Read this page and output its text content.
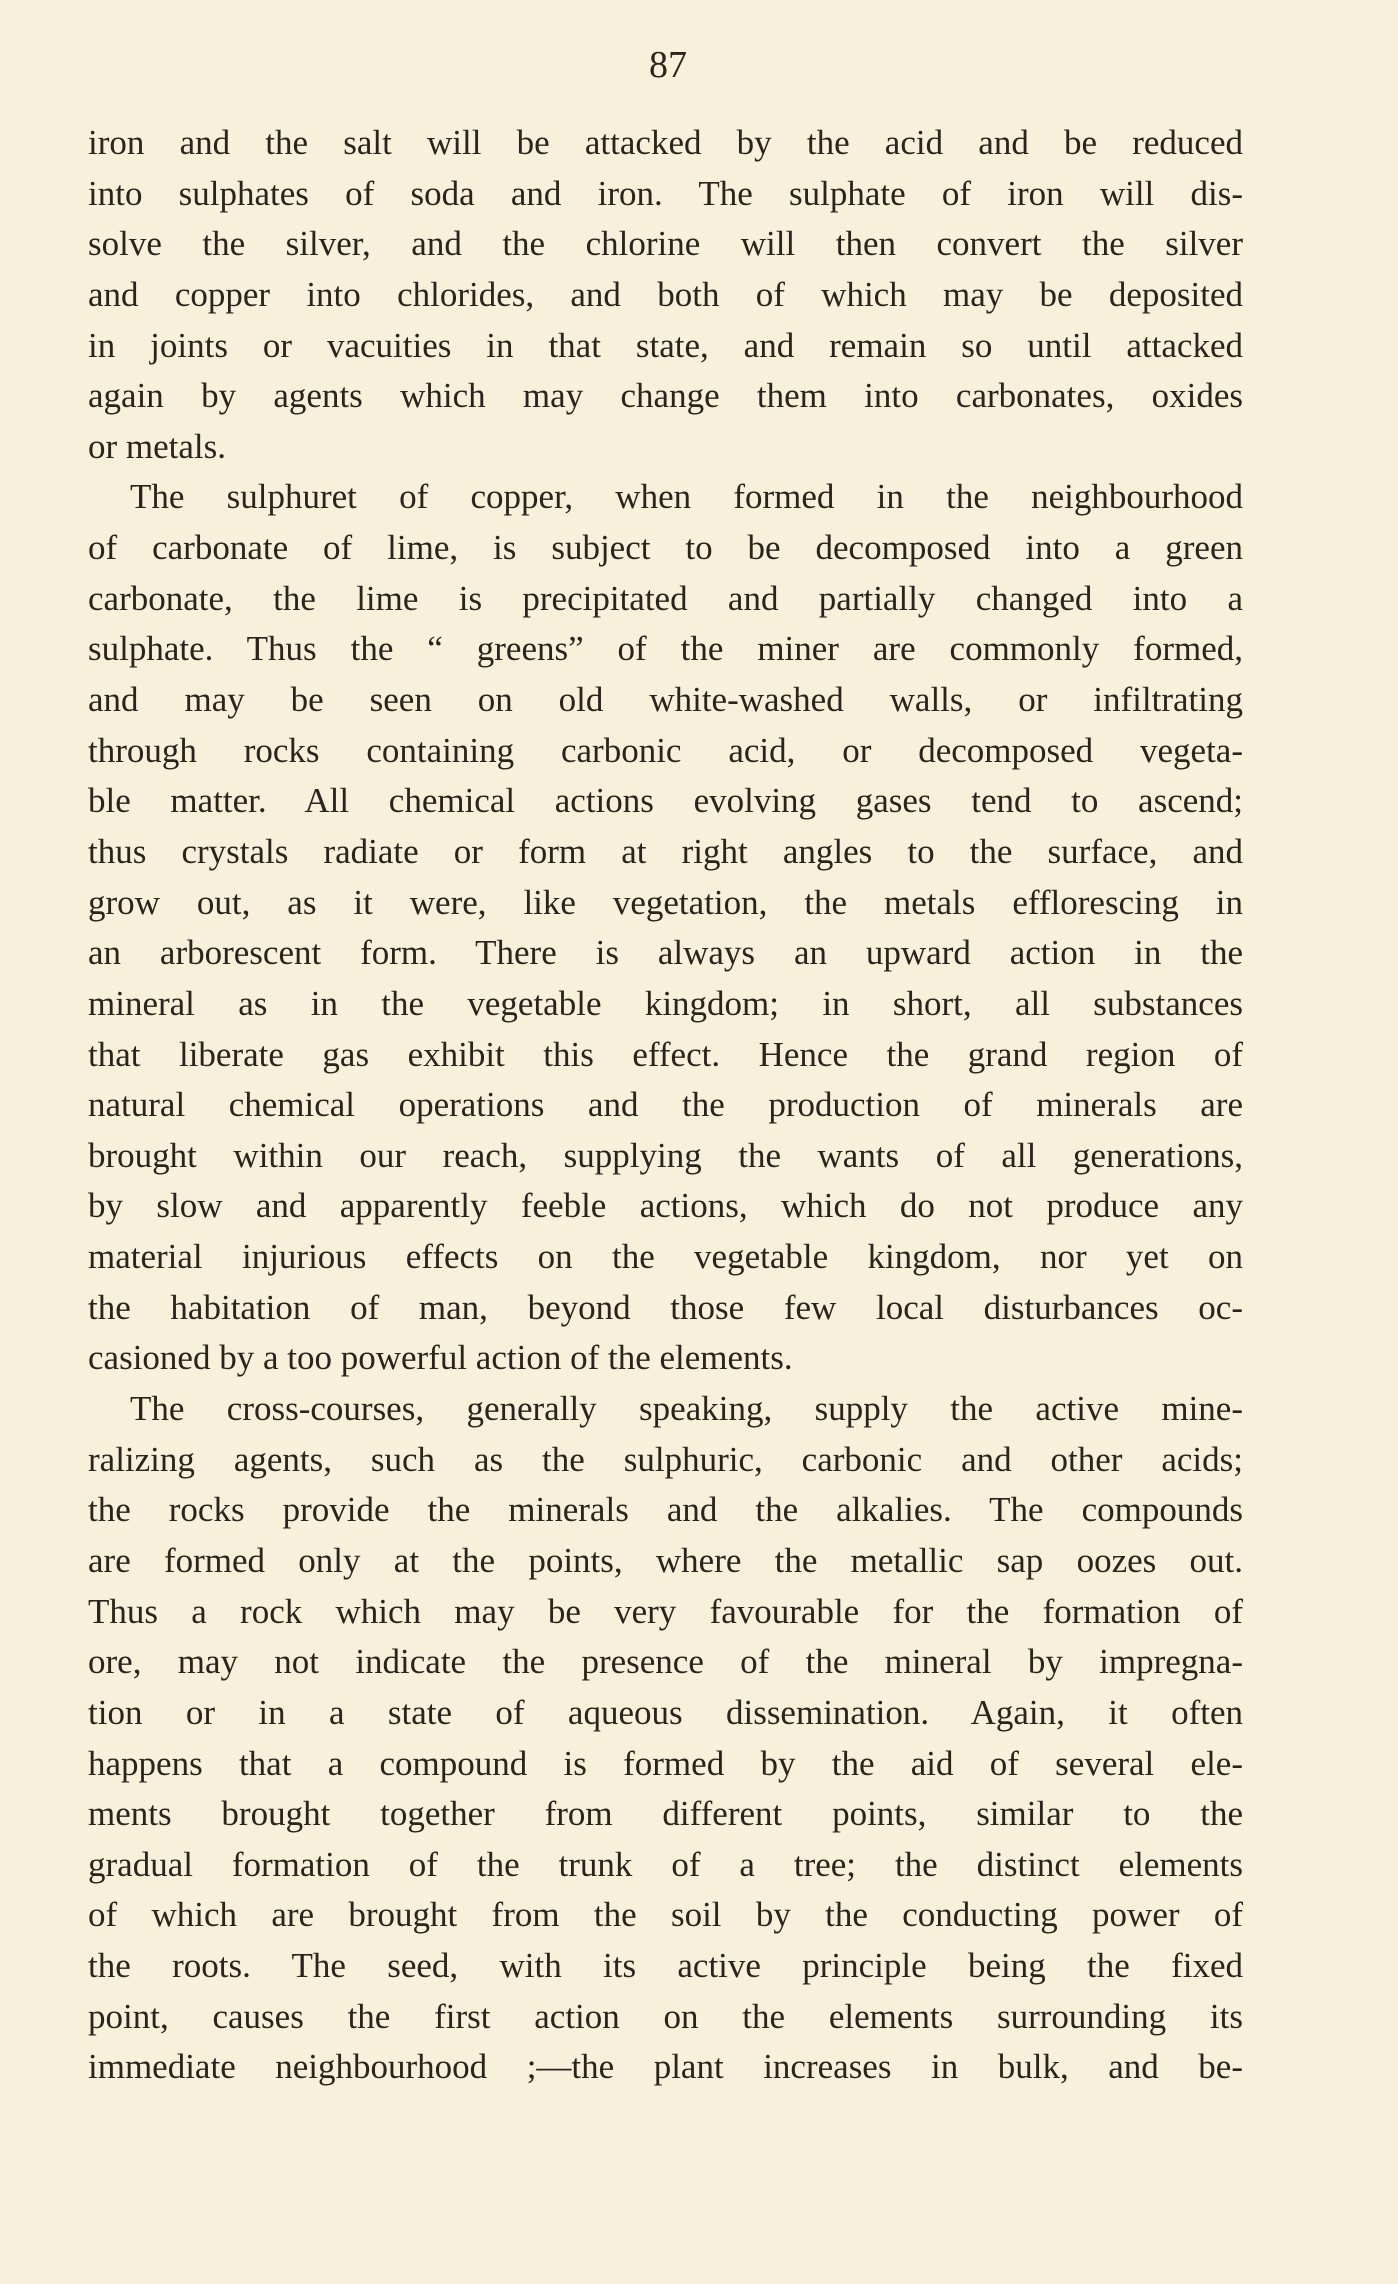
87
iron and the salt will be attacked by the acid and be reduced
into sulphates of soda and iron. The sulphate of iron will dis-
solve the silver, and the chlorine will then convert the silver
and copper into chlorides, and both of which may be deposited
in joints or vacuities in that state, and remain so until attacked
again by agents which may change them into carbonates, oxides
or metals.
The sulphuret of copper, when formed in the neighbourhood
of carbonate of lime, is subject to be decomposed into a green
carbonate, the lime is precipitated and partially changed into a
sulphate. Thus the “ greens” of the miner are commonly formed,
and may be seen on old white-washed walls, or infiltrating
through rocks containing carbonic acid, or decomposed vegeta-
ble matter. All chemical actions evolving gases tend to ascend;
thus crystals radiate or form at right angles to the surface, and
grow out, as it were, like vegetation, the metals efflorescing in
an arborescent form. There is always an upward action in the
mineral as in the vegetable kingdom; in short, all substances
that liberate gas exhibit this effect. Hence the grand region of
natural chemical operations and the production of minerals are
brought within our reach, supplying the wants of all generations,
by slow and apparently feeble actions, which do not produce any
material injurious effects on the vegetable kingdom, nor yet on
the habitation of man, beyond those few local disturbances oc-
casioned by a too powerful action of the elements.
The cross-courses, generally speaking, supply the active mine-
ralizing agents, such as the sulphuric, carbonic and other acids;
the rocks provide the minerals and the alkalies. The compounds
are formed only at the points, where the metallic sap oozes out.
Thus a rock which may be very favourable for the formation of
ore, may not indicate the presence of the mineral by impregna-
tion or in a state of aqueous dissemination. Again, it often
happens that a compound is formed by the aid of several ele-
ments brought together from different points, similar to the
gradual formation of the trunk of a tree; the distinct elements
of which are brought from the soil by the conducting power of
the roots. The seed, with its active principle being the fixed
point, causes the first action on the elements surrounding its
immediate neighbourhood ;—the plant increases in bulk, and be-
